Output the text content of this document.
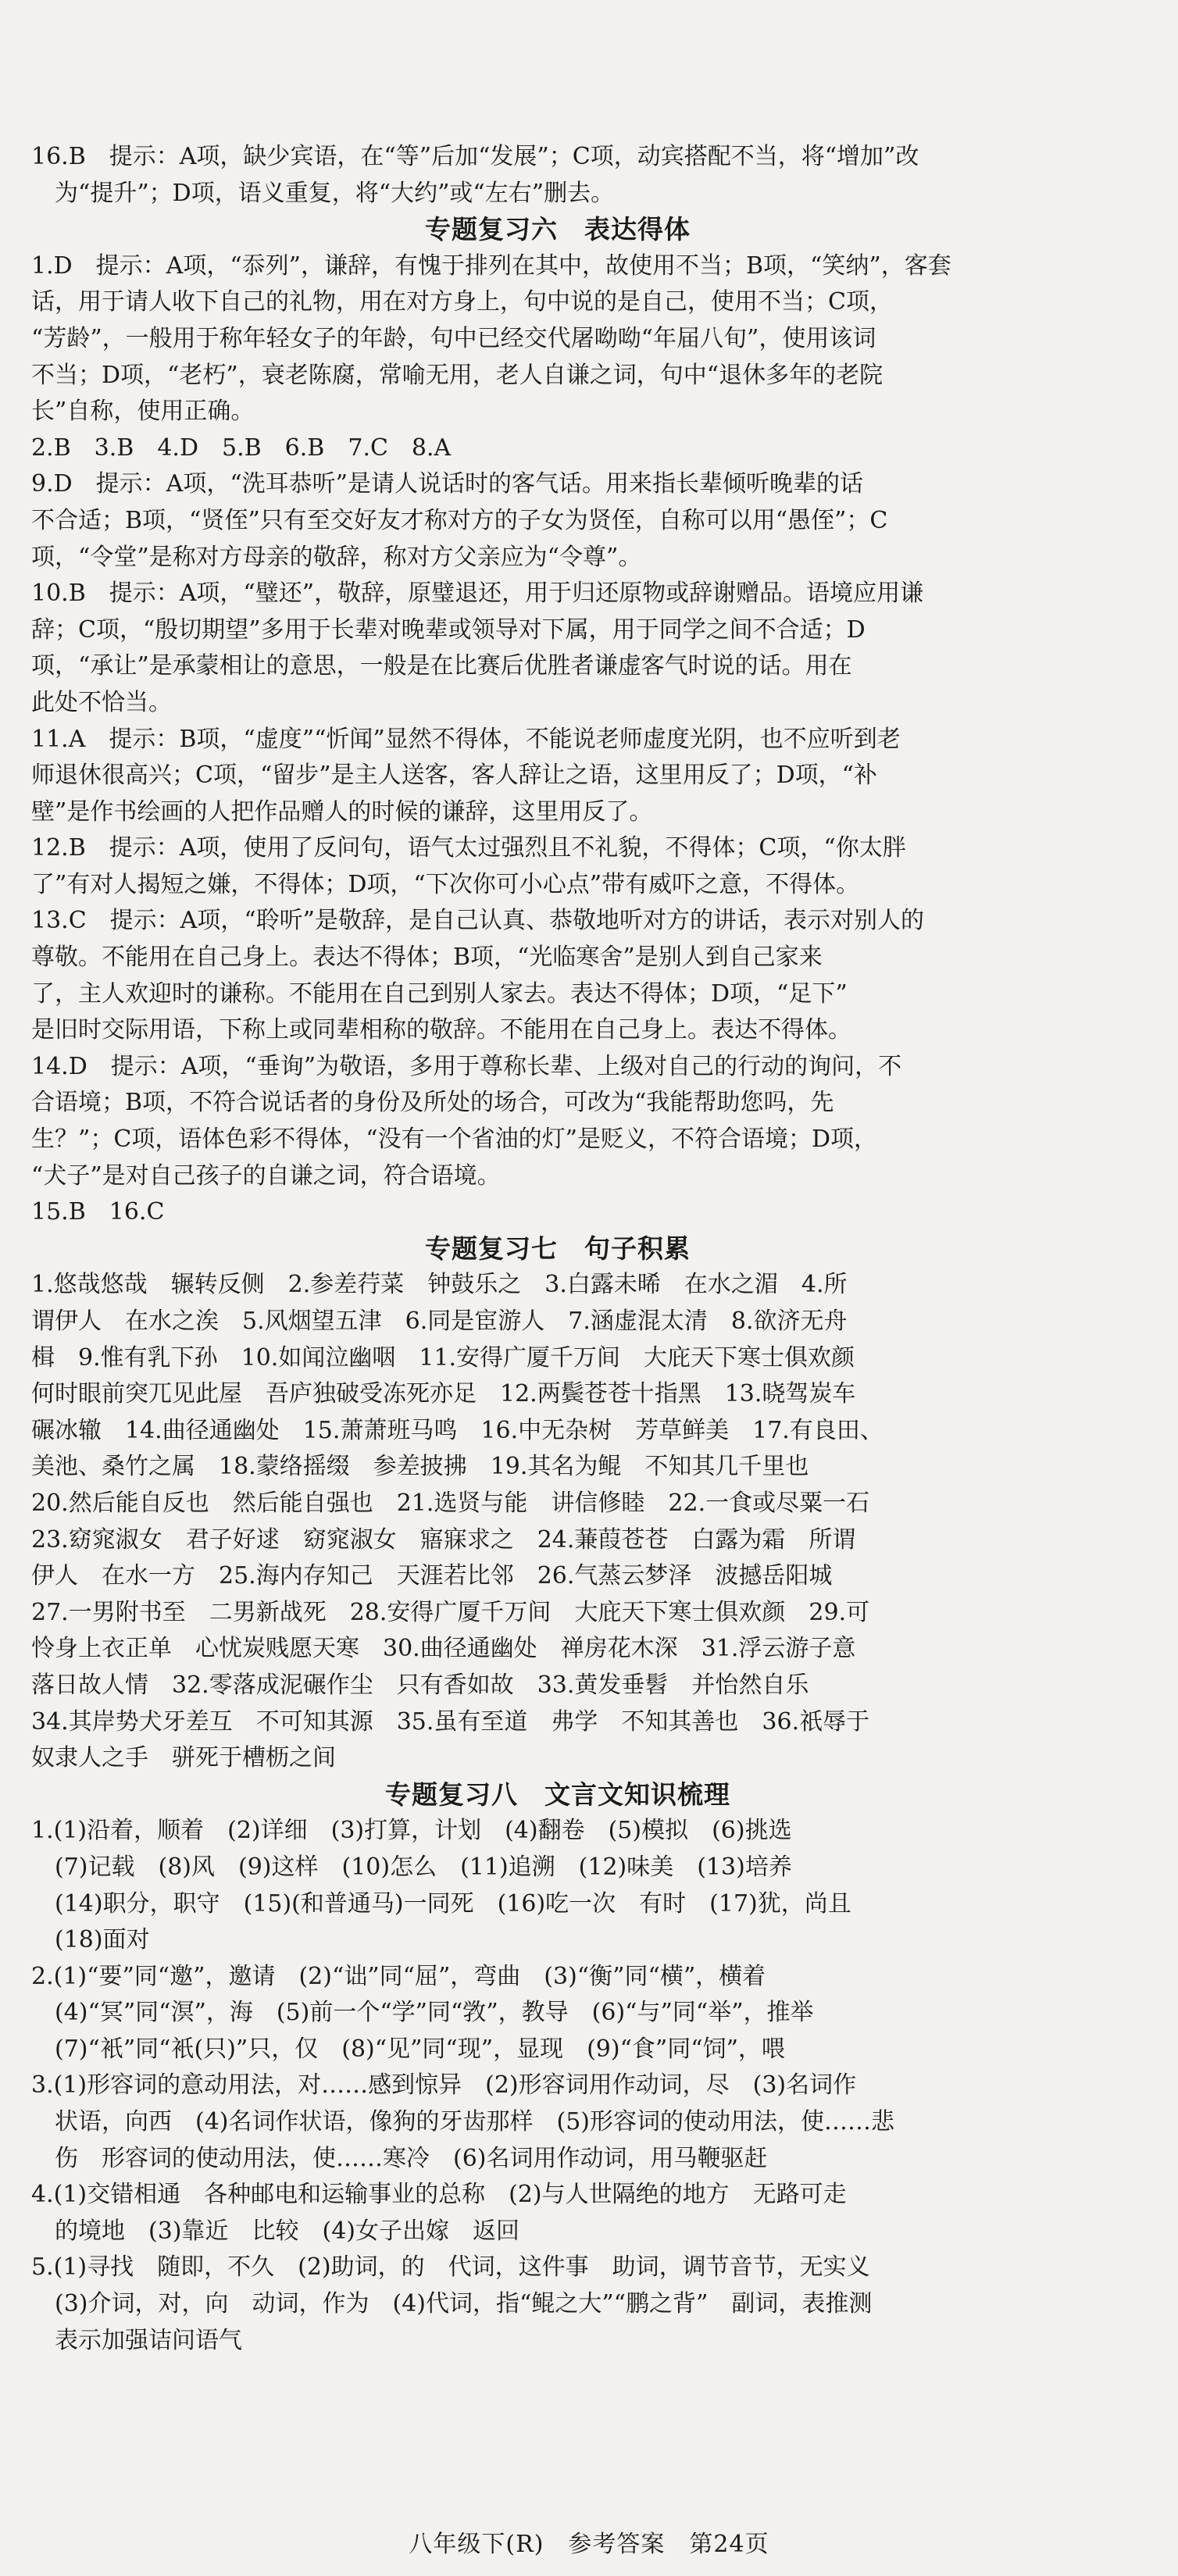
16.B　提示：A项，缺少宾语，在“等”后加“发展”；C项，动宾搭配不当，将“增加”改
　为“提升”；D项，语义重复，将“大约”或“左右”删去。
专题复习六　表达得体
1.D　提示：A项，“忝列”，谦辞，有愧于排列在其中，故使用不当；B项，“笑纳”，客套
话，用于请人收下自己的礼物，用在对方身上，句中说的是自己，使用不当；C项，
“芳龄”，一般用于称年轻女子的年龄，句中已经交代屠呦呦“年届八旬”，使用该词
不当；D项，“老朽”，衰老陈腐，常喻无用，老人自谦之词，句中“退休多年的老院
长”自称，使用正确。
2.B　3.B　4.D　5.B　6.B　7.C　8.A
9.D　提示：A项，“洗耳恭听”是请人说话时的客气话。用来指长辈倾听晚辈的话
不合适；B项，“贤侄”只有至交好友才称对方的子女为贤侄，自称可以用“愚侄”；C
项，“令堂”是称对方母亲的敬辞，称对方父亲应为“令尊”。
10.B　提示：A项，“璧还”，敬辞，原璧退还，用于归还原物或辞谢赠品。语境应用谦
辞；C项，“殷切期望”多用于长辈对晚辈或领导对下属，用于同学之间不合适；D
项，“承让”是承蒙相让的意思，一般是在比赛后优胜者谦虚客气时说的话。用在
此处不恰当。
11.A　提示：B项，“虚度”“忻闻”显然不得体，不能说老师虚度光阴，也不应听到老
师退休很高兴；C项，“留步”是主人送客，客人辞让之语，这里用反了；D项，“补
壁”是作书绘画的人把作品赠人的时候的谦辞，这里用反了。
12.B　提示：A项，使用了反问句，语气太过强烈且不礼貌，不得体；C项，“你太胖
了”有对人揭短之嫌，不得体；D项，“下次你可小心点”带有威吓之意，不得体。
13.C　提示：A项，“聆听”是敬辞，是自己认真、恭敬地听对方的讲话，表示对别人的
尊敬。不能用在自己身上。表达不得体；B项，“光临寒舍”是别人到自己家来
了，主人欢迎时的谦称。不能用在自己到别人家去。表达不得体；D项，“足下”
是旧时交际用语，下称上或同辈相称的敬辞。不能用在自己身上。表达不得体。
14.D　提示：A项，“垂询”为敬语，多用于尊称长辈、上级对自己的行动的询问，不
合语境；B项，不符合说话者的身份及所处的场合，可改为“我能帮助您吗，先
生？”；C项，语体色彩不得体，“没有一个省油的灯”是贬义，不符合语境；D项，
“犬子”是对自己孩子的自谦之词，符合语境。
15.B　16.C
专题复习七　句子积累
1.悠哉悠哉　辗转反侧　2.参差荇菜　钟鼓乐之　3.白露未晞　在水之湄　4.所
谓伊人　在水之涘　5.风烟望五津　6.同是宦游人　7.涵虚混太清　8.欲济无舟
楫　9.惟有乳下孙　10.如闻泣幽咽　11.安得广厦千万间　大庇天下寒士俱欢颜
何时眼前突兀见此屋　吾庐独破受冻死亦足　12.两鬓苍苍十指黑　13.晓驾炭车
碾冰辙　14.曲径通幽处　15.萧萧班马鸣　16.中无杂树　芳草鲜美　17.有良田、
美池、桑竹之属　18.蒙络摇缀　参差披拂　19.其名为鲲　不知其几千里也
20.然后能自反也　然后能自强也　21.选贤与能　讲信修睦　22.一食或尽粟一石
23.窈窕淑女　君子好逑　窈窕淑女　寤寐求之　24.蒹葭苍苍　白露为霜　所谓
伊人　在水一方　25.海内存知己　天涯若比邻　26.气蒸云梦泽　波撼岳阳城
27.一男附书至　二男新战死　28.安得广厦千万间　大庇天下寒士俱欢颜　29.可
怜身上衣正单　心忧炭贱愿天寒　30.曲径通幽处　禅房花木深　31.浮云游子意
落日故人情　32.零落成泥碾作尘　只有香如故　33.黄发垂髫　并怡然自乐
34.其岸势犬牙差互　不可知其源　35.虽有至道　弗学　不知其善也　36.祇辱于
奴隶人之手　骈死于槽枥之间
专题复习八　文言文知识梳理
1.(1)沿着，顺着　(2)详细　(3)打算，计划　(4)翻卷　(5)模拟　(6)挑选
　(7)记载　(8)风　(9)这样　(10)怎么　(11)追溯　(12)味美　(13)培养
　(14)职分，职守　(15)(和普通马)一同死　(16)吃一次　有时　(17)犹，尚且
　(18)面对
2.(1)“要”同“邀”，邀请　(2)“诎”同“屈”，弯曲　(3)“衡”同“横”，横着
　(4)“冥”同“溟”，海　(5)前一个“学”同“敩”，教导　(6)“与”同“举”，推举
　(7)“衹”同“衹(只)”只，仅　(8)“见”同“现”，显现　(9)“食”同“饲”，喂
3.(1)形容词的意动用法，对……感到惊异　(2)形容词用作动词，尽　(3)名词作
　状语，向西　(4)名词作状语，像狗的牙齿那样　(5)形容词的使动用法，使……悲
　伤　形容词的使动用法，使……寒冷　(6)名词用作动词，用马鞭驱赶
4.(1)交错相通　各种邮电和运输事业的总称　(2)与人世隔绝的地方　无路可走
　的境地　(3)靠近　比较　(4)女子出嫁　返回
5.(1)寻找　随即，不久　(2)助词，的　代词，这件事　助词，调节音节，无实义
　(3)介词，对，向　动词，作为　(4)代词，指“鲲之大”“鹏之背”　副词，表推测
　表示加强诘问语气
八年级下(R)　参考答案　第24页
